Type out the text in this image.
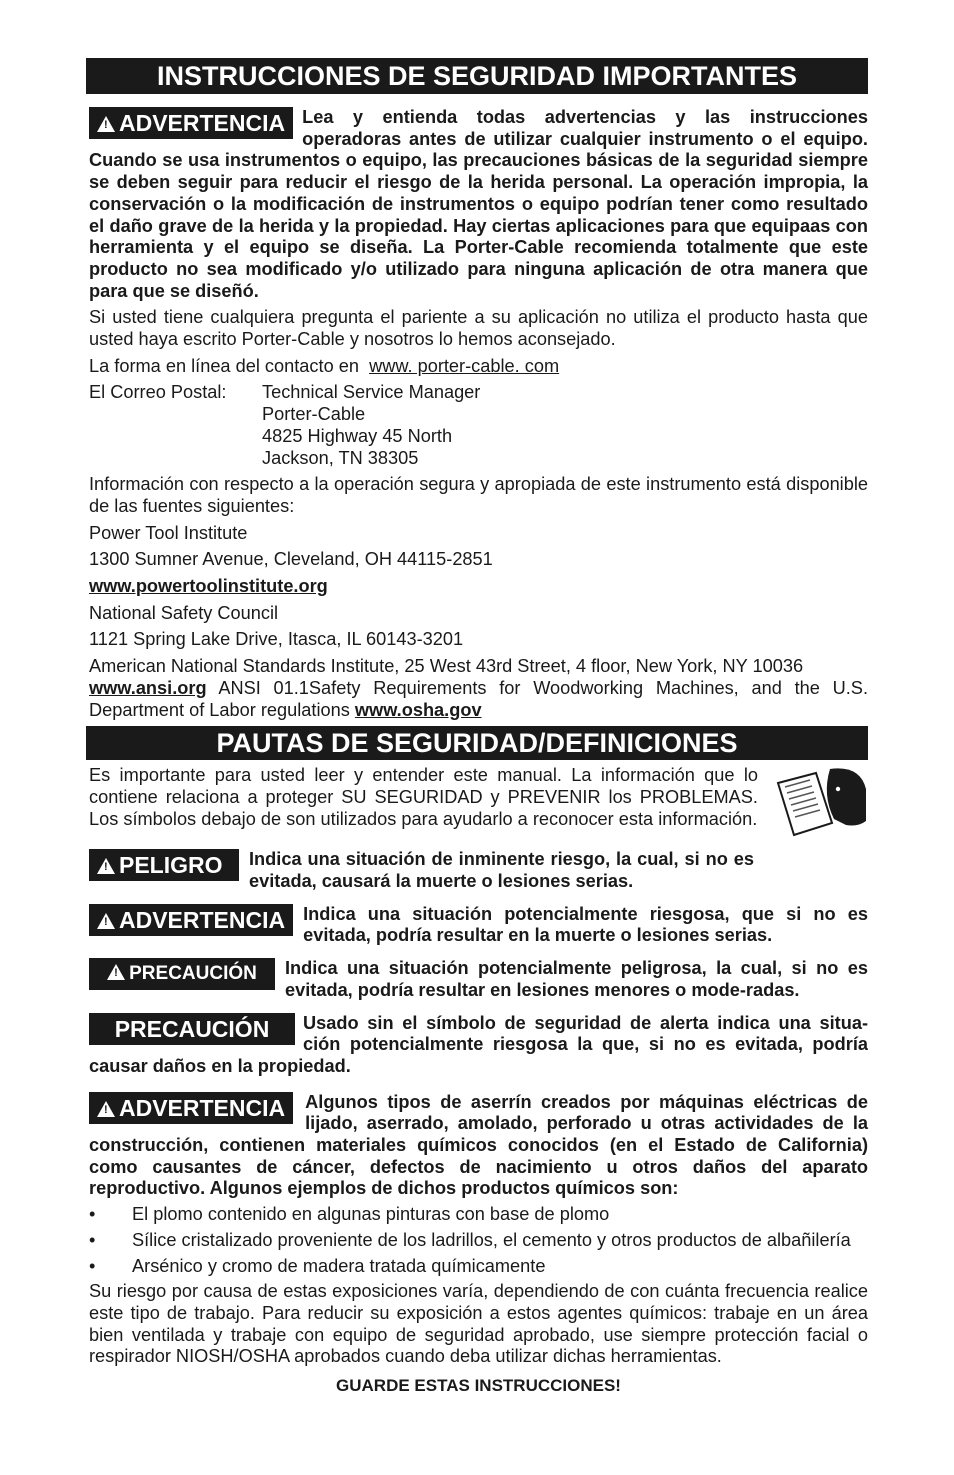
INSTRUCCIONES DE SEGURIDAD IMPORTANTES
!ADVERTENCIA Lea y entienda todas advertencias y las instrucciones operadoras antes de utilizar cualquier instrumento o el equipo. Cuando se usa instrumentos o equipo, las precauciones básicas de la seguridad siempre se deben seguir para reducir el riesgo de la herida personal. La operación impropia, la conservación o la modificación de instrumentos o equipo podrían tener como resultado el daño grave de la herida y la propiedad. Hay ciertas aplicaciones para que equipaas con herramienta y el equipo se diseña. La Porter-Cable recomienda totalmente que este producto no sea modificado y/o utilizado para ninguna aplicación de otra manera que para que se diseñó.

Si usted tiene cualquiera pregunta el pariente a su aplicación no utiliza el producto hasta que usted haya escrito Porter-Cable y nosotros lo hemos aconsejado.

La forma en línea del contacto en www. porter-cable. com

El Correo Postal:	Technical Service Manager
Porter-Cable
4825 Highway 45 North
Jackson, TN 38305

Información con respecto a la operación segura y apropiada de este instrumento está disponible de las fuentes siguientes:

Power Tool Institute

1300 Sumner Avenue, Cleveland, OH 44115-2851

www.powertoolinstitute.org

National Safety Council

1121 Spring Lake Drive, Itasca, IL 60143-3201

American National Standards Institute, 25 West 43rd Street, 4 floor, New York, NY 10036
www.ansi.org ANSI 01.1Safety Requirements for Woodworking Machines, and the U.S. Department of Labor regulations www.osha.gov

PAUTAS DE SEGURIDAD/DEFINICIONES

Es importante para usted leer y entender este manual. La información que lo contiene relaciona a proteger SU SEGURIDAD y PREVENIR los PROBLEMAS. Los símbolos debajo de son utilizados para ayudarlo a reconocer esta información.

!PELIGRO	Indica una situación de inminente riesgo, la cual, si no es evitada, causará la muerte o lesiones serias.
!ADVERTENCIA Indica una situación potencialmente riesgosa, que si no es evitada, podría resultar en la muerte o lesiones serias.
!PRECAUCIÓN	Indica una situación potencialmente peligrosa, la cual, si no es evitada, podría resultar en lesiones menores o mode-radas.
PRECAUCIÓN	Usado sin el símbolo de seguridad de alerta indica una situa-ción potencialmente riesgosa la que, si no es evitada, podría causar daños en la propiedad.

!ADVERTENCIA	Algunos tipos de aserrín creados por máquinas eléctricas de lijado, aserrado, amolado, perforado u otras actividades de la construcción, contienen materiales químicos conocidos (en el Estado de California) como causantes de cáncer, defectos de nacimiento u otros daños del aparato reproductivo. Algunos ejemplos de dichos productos químicos son:

• El plomo contenido en algunas pinturas con base de plomo
• Sílice cristalizado proveniente de los ladrillos, el cemento y otros productos de albañilería
• Arsénico y cromo de madera tratada químicamente

Su riesgo por causa de estas exposiciones varía, dependiendo de con cuánta frecuencia realice este tipo de trabajo. Para reducir su exposición a estos agentes químicos: trabaje en un área bien ventilada y trabaje con equipo de seguridad aprobado, use siempre protección facial o respirador NIOSH/OSHA aprobados cuando deba utilizar dichas herramientas.

GUARDE ESTAS INSTRUCCIONES!
